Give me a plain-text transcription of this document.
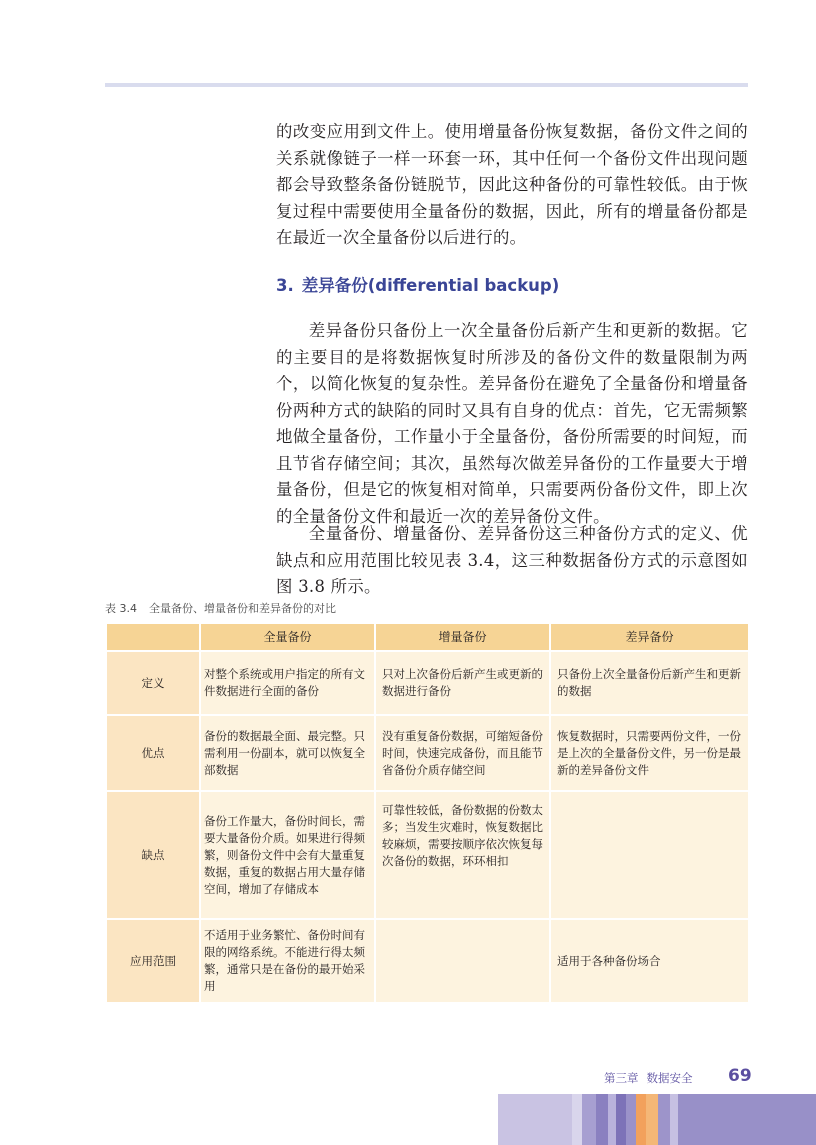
的改变应用到文件上。使用增量备份恢复数据，备份文件之间的关系就像链子一样一环套一环，其中任何一个备份文件出现问题都会导致整条备份链脱节，因此这种备份的可靠性较低。由于恢复过程中需要使用全量备份的数据，因此，所有的增量备份都是在最近一次全量备份以后进行的。

3. 差异备份(differential backup)

差异备份只备份上一次全量备份后新产生和更新的数据。它的主要目的是将数据恢复时所涉及的备份文件的数量限制为两个，以简化恢复的复杂性。差异备份在避免了全量备份和增量备份两种方式的缺陷的同时又具有自身的优点：首先，它无需频繁地做全量备份，工作量小于全量备份，备份所需要的时间短，而且节省存储空间；其次，虽然每次做差异备份的工作量要大于增量备份，但是它的恢复相对简单，只需要两份备份文件，即上次的全量备份文件和最近一次的差异备份文件。

全量备份、增量备份、差异备份这三种备份方式的定义、优缺点和应用范围比较见表 3.4，这三种数据备份方式的示意图如图 3.8 所示。

表 3.4 全量备份、增量备份和差异备份的对比

	全量备份	增量备份	差异备份
定义	对整个系统或用户指定的所有文件数据进行全面的备份	只对上次备份后新产生或更新的数据进行备份	只备份上次全量备份后新产生和更新的数据
优点	备份的数据最全面、最完整。只需利用一份副本，就可以恢复全部数据	没有重复备份数据，可缩短备份时间，快速完成备份，而且能节省备份介质存储空间	恢复数据时，只需要两份文件，一份是上次的全量备份文件，另一份是最新的差异备份文件
缺点	备份工作量大，备份时间长，需要大量备份介质。如果进行得频繁，则备份文件中会有大量重复数据，重复的数据占用大量存储空间，增加了存储成本	可靠性较低，备份数据的份数太多；当发生灾难时，恢复数据比较麻烦，需要按顺序依次恢复每次备份的数据，环环相扣	
应用范围	不适用于业务繁忙、备份时间有限的网络系统。不能进行得太频繁，通常只是在备份的最开始采用		适用于各种备份场合

第三章 数据安全 69
